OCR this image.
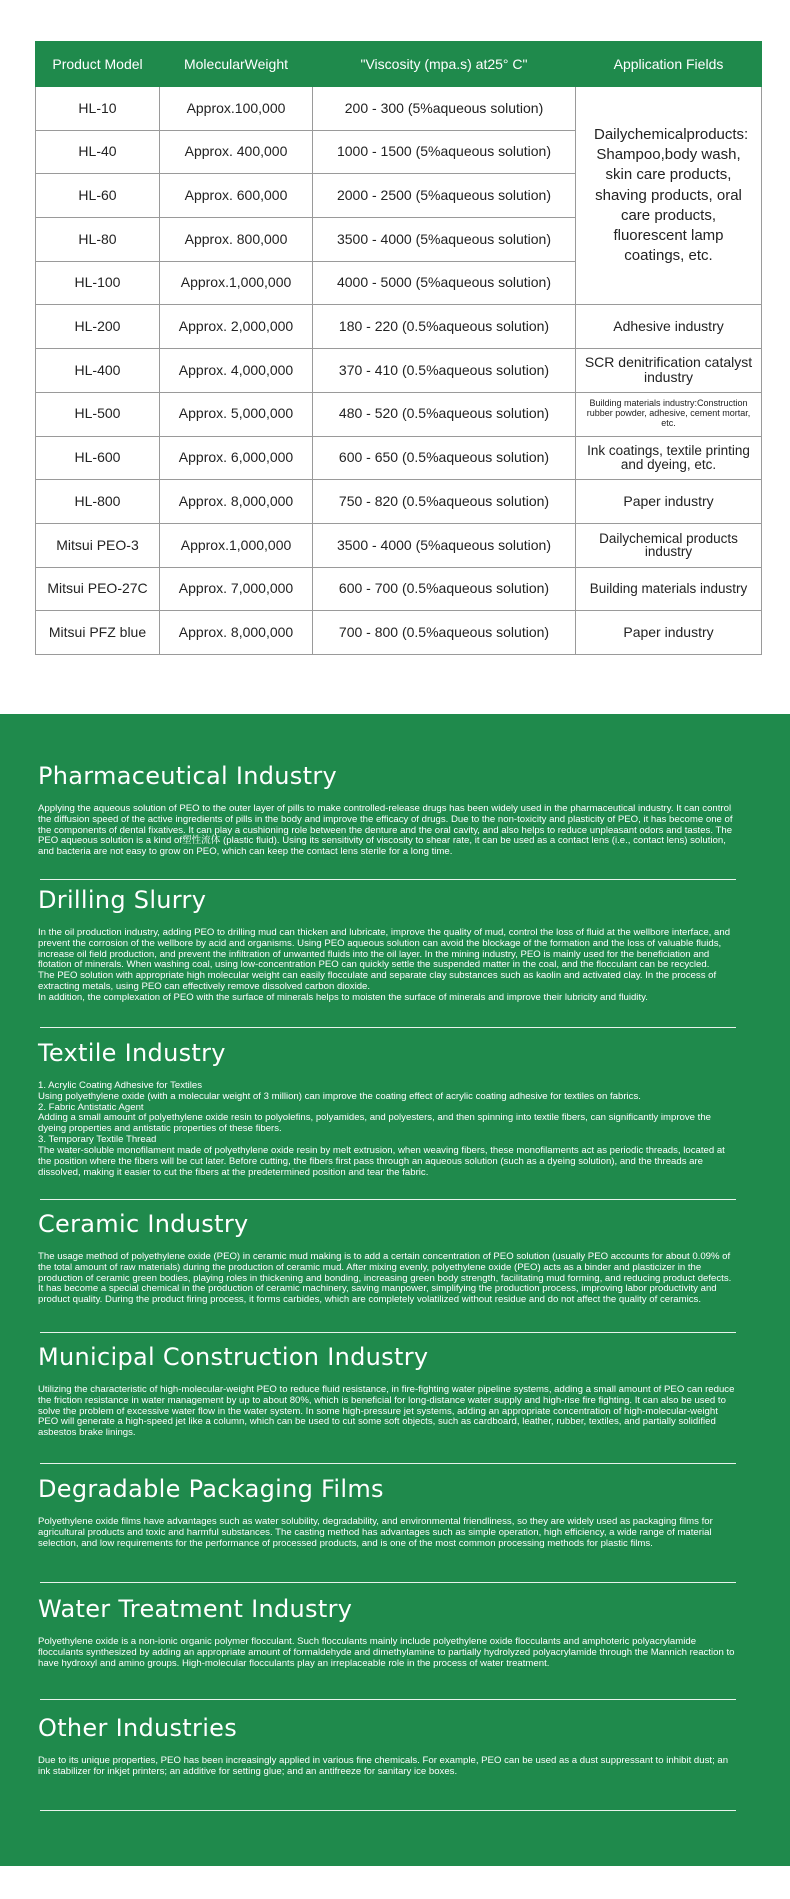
Product Model	MolecularWeight	"Viscosity (mpa.s) at25° C"	Application Fields
HL-10	Approx.100,000	200 - 300 (5%aqueous solution)	Dailychemicalproducts: Shampoo,body wash, skin care products, shaving products, oral care products, fluorescent lamp coatings, etc.
HL-40	Approx. 400,000	1000 - 1500 (5%aqueous solution)	
HL-60	Approx. 600,000	2000 - 2500 (5%aqueous solution)	
HL-80	Approx. 800,000	3500 - 4000 (5%aqueous solution)	
HL-100	Approx.1,000,000	4000 - 5000 (5%aqueous solution)	
HL-200	Approx. 2,000,000	180 - 220 (0.5%aqueous solution)	Adhesive industry
HL-400	Approx. 4,000,000	370 - 410 (0.5%aqueous solution)	SCR denitrification catalyst industry
HL-500	Approx. 5,000,000	480 - 520 (0.5%aqueous solution)	Building materials industry:Construction rubber powder, adhesive, cement mortar, etc.
HL-600	Approx. 6,000,000	600 - 650 (0.5%aqueous solution)	Ink coatings, textile printing and dyeing, etc.
HL-800	Approx. 8,000,000	750 - 820 (0.5%aqueous solution)	Paper industry
Mitsui PEO-3	Approx.1,000,000	3500 - 4000 (5%aqueous solution)	Dailychemical products industry
Mitsui PEO-27C	Approx. 7,000,000	600 - 700 (0.5%aqueous solution)	Building materials industry
Mitsui PFZ blue	Approx. 8,000,000	700 - 800 (0.5%aqueous solution)	Paper industry
Pharmaceutical Industry

Applying the aqueous solution of PEO to the outer layer of pills to make controlled-release drugs has been widely used in the pharmaceutical industry. It can control the diffusion speed of the active ingredients of pills in the body and improve the efficacy of drugs. Due to the non-toxicity and plasticity of PEO, it has become one of the components of dental fixatives. It can play a cushioning role between the denture and the oral cavity, and also helps to reduce unpleasant odors and tastes. The PEO aqueous solution is a kind of塑性流体 (plastic fluid). Using its sensitivity of viscosity to shear rate, it can be used as a contact lens (i.e., contact lens) solution, and bacteria are not easy to grow on PEO, which can keep the contact lens sterile for a long time.

Drilling Slurry

In the oil production industry, adding PEO to drilling mud can thicken and lubricate, improve the quality of mud, control the loss of fluid at the wellbore interface, and prevent the corrosion of the wellbore by acid and organisms. Using PEO aqueous solution can avoid the blockage of the formation and the loss of valuable fluids, increase oil field production, and prevent the infiltration of unwanted fluids into the oil layer. In the mining industry, PEO is mainly used for the beneficiation and flotation of minerals. When washing coal, using low-concentration PEO can quickly settle the suspended matter in the coal, and the flocculant can be recycled.
The PEO solution with appropriate high molecular weight can easily flocculate and separate clay substances such as kaolin and activated clay. In the process of extracting metals, using PEO can effectively remove dissolved carbon dioxide.
In addition, the complexation of PEO with the surface of minerals helps to moisten the surface of minerals and improve their lubricity and fluidity.

Textile Industry

1. Acrylic Coating Adhesive for Textiles
Using polyethylene oxide (with a molecular weight of 3 million) can improve the coating effect of acrylic coating adhesive for textiles on fabrics.
2. Fabric Antistatic Agent
Adding a small amount of polyethylene oxide resin to polyolefins, polyamides, and polyesters, and then spinning into textile fibers, can significantly improve the dyeing properties and antistatic properties of these fibers.
3. Temporary Textile Thread
The water-soluble monofilament made of polyethylene oxide resin by melt extrusion, when weaving fibers, these monofilaments act as periodic threads, located at the position where the fibers will be cut later. Before cutting, the fibers first pass through an aqueous solution (such as a dyeing solution), and the threads are dissolved, making it easier to cut the fibers at the predetermined position and tear the fabric.

Ceramic Industry

The usage method of polyethylene oxide (PEO) in ceramic mud making is to add a certain concentration of PEO solution (usually PEO accounts for about 0.09% of the total amount of raw materials) during the production of ceramic mud. After mixing evenly, polyethylene oxide (PEO) acts as a binder and plasticizer in the production of ceramic green bodies, playing roles in thickening and bonding, increasing green body strength, facilitating mud forming, and reducing product defects. It has become a special chemical in the production of ceramic machinery, saving manpower, simplifying the production process, improving labor productivity and product quality. During the product firing process, it forms carbides, which are completely volatilized without residue and do not affect the quality of ceramics.

Municipal Construction Industry

Utilizing the characteristic of high-molecular-weight PEO to reduce fluid resistance, in fire-fighting water pipeline systems, adding a small amount of PEO can reduce the friction resistance in water management by up to about 80%, which is beneficial for long-distance water supply and high-rise fire fighting. It can also be used to solve the problem of excessive water flow in the water system. In some high-pressure jet systems, adding an appropriate concentration of high-molecular-weight PEO will generate a high-speed jet like a column, which can be used to cut some soft objects, such as cardboard, leather, rubber, textiles, and partially solidified asbestos brake linings.

Degradable Packaging Films

Polyethylene oxide films have advantages such as water solubility, degradability, and environmental friendliness, so they are widely used as packaging films for agricultural products and toxic and harmful substances. The casting method has advantages such as simple operation, high efficiency, a wide range of material selection, and low requirements for the performance of processed products, and is one of the most common processing methods for plastic films.

Water Treatment Industry

Polyethylene oxide is a non-ionic organic polymer flocculant. Such flocculants mainly include polyethylene oxide flocculants and amphoteric polyacrylamide flocculants synthesized by adding an appropriate amount of formaldehyde and dimethylamine to partially hydrolyzed polyacrylamide through the Mannich reaction to have hydroxyl and amino groups. High-molecular flocculants play an irreplaceable role in the process of water treatment.

Other Industries

Due to its unique properties, PEO has been increasingly applied in various fine chemicals. For example, PEO can be used as a dust suppressant to inhibit dust; an ink stabilizer for inkjet printers; an additive for setting glue; and an antifreeze for sanitary ice boxes.
